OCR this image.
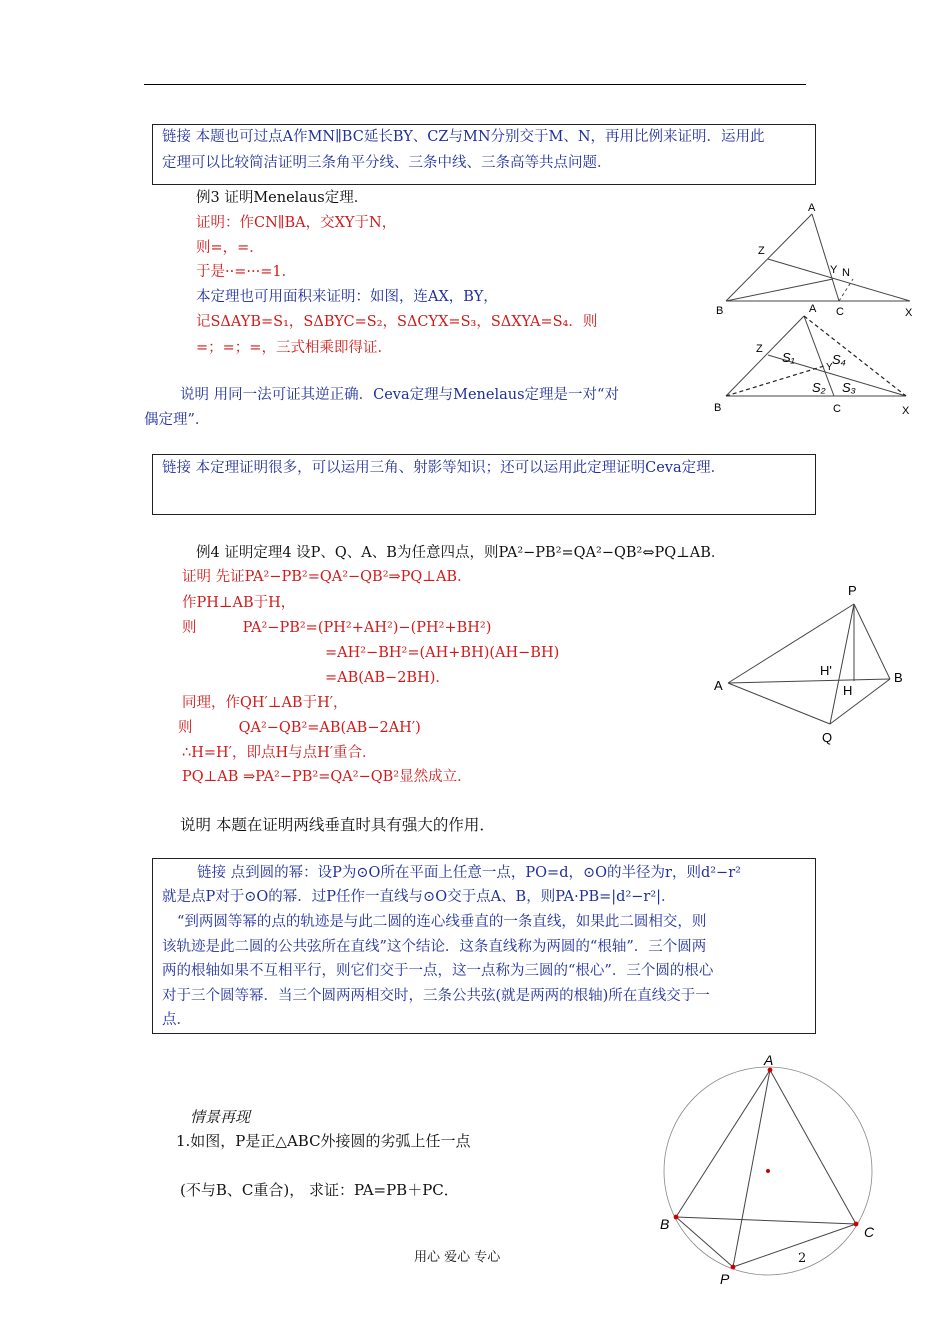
链接 本题也可过点A作MN∥BC延长BY、CZ与MN分别交于M、N，再用比例来证明．运用此
定理可以比较简洁证明三条角平分线、三条中线、三条高等共点问题．
例3 证明Menelaus定理．
证明：作CN∥BA，交XY于N，
则=，=．
于是··=···=1．
本定理也可用面积来证明：如图，连AX，BY，
记SΔAYB=S₁，SΔBYC=S₂，SΔCYX=S₃，SΔXYA=S₄．则
=；=；=，三式相乘即得证．
说明 用同一法可证其逆正确．Ceva定理与Menelaus定理是一对“对
偶定理”．
A
B	C	X
Z
Y N
A
B	C	X
Z
Y
S₁
S₂ S₃
S₄
链接 本定理证明很多，可以运用三角、射影等知识；还可以运用此定理证明Ceva定理．
例4 证明定理4 设P、Q、A、B为任意四点，则PA²−PB²=QA²−QB²⇔PQ⊥AB．
证明 先证PA²−PB²=QA²−QB²⇒PQ⊥AB．
作PH⊥AB于H，
则          PA²−PB²=(PH²+AH²)−(PH²+BH²)
=AH²−BH²=(AH+BH)(AH−BH)
=AB(AB−2BH)．
同理，作QH′⊥AB于H′，
则          QA²−QB²=AB(AB−2AH′)
∴H=H′，即点H与点H′重合．
PQ⊥AB ⇒PA²−PB²=QA²−QB²显然成立．
P
Q
A
B
H
H'
说明 本题在证明两线垂直时具有强大的作用．
链接 点到圆的幂：设P为⊙O所在平面上任意一点，PO=d，⊙O的半径为r，则d²−r²
就是点P对于⊙O的幂．过P任作一直线与⊙O交于点A、B，则PA·PB=|d²−r²|．
“到两圆等幂的点的轨迹是与此二圆的连心线垂直的一条直线，如果此二圆相交，则
该轨迹是此二圆的公共弦所在直线”这个结论．这条直线称为两圆的“根轴”．三个圆两
两的根轴如果不互相平行，则它们交于一点，这一点称为三圆的“根心”．三个圆的根心
对于三个圆等幂．当三个圆两两相交时，三条公共弦(就是两两的根轴)所在直线交于一
点．
情景再现
1.如图，P是正△ABC外接圆的劣弧上任一点
(不与B、C重合)， 求证：PA=PB＋PC．
A
B	C
P
用心 爱心 专心	2
